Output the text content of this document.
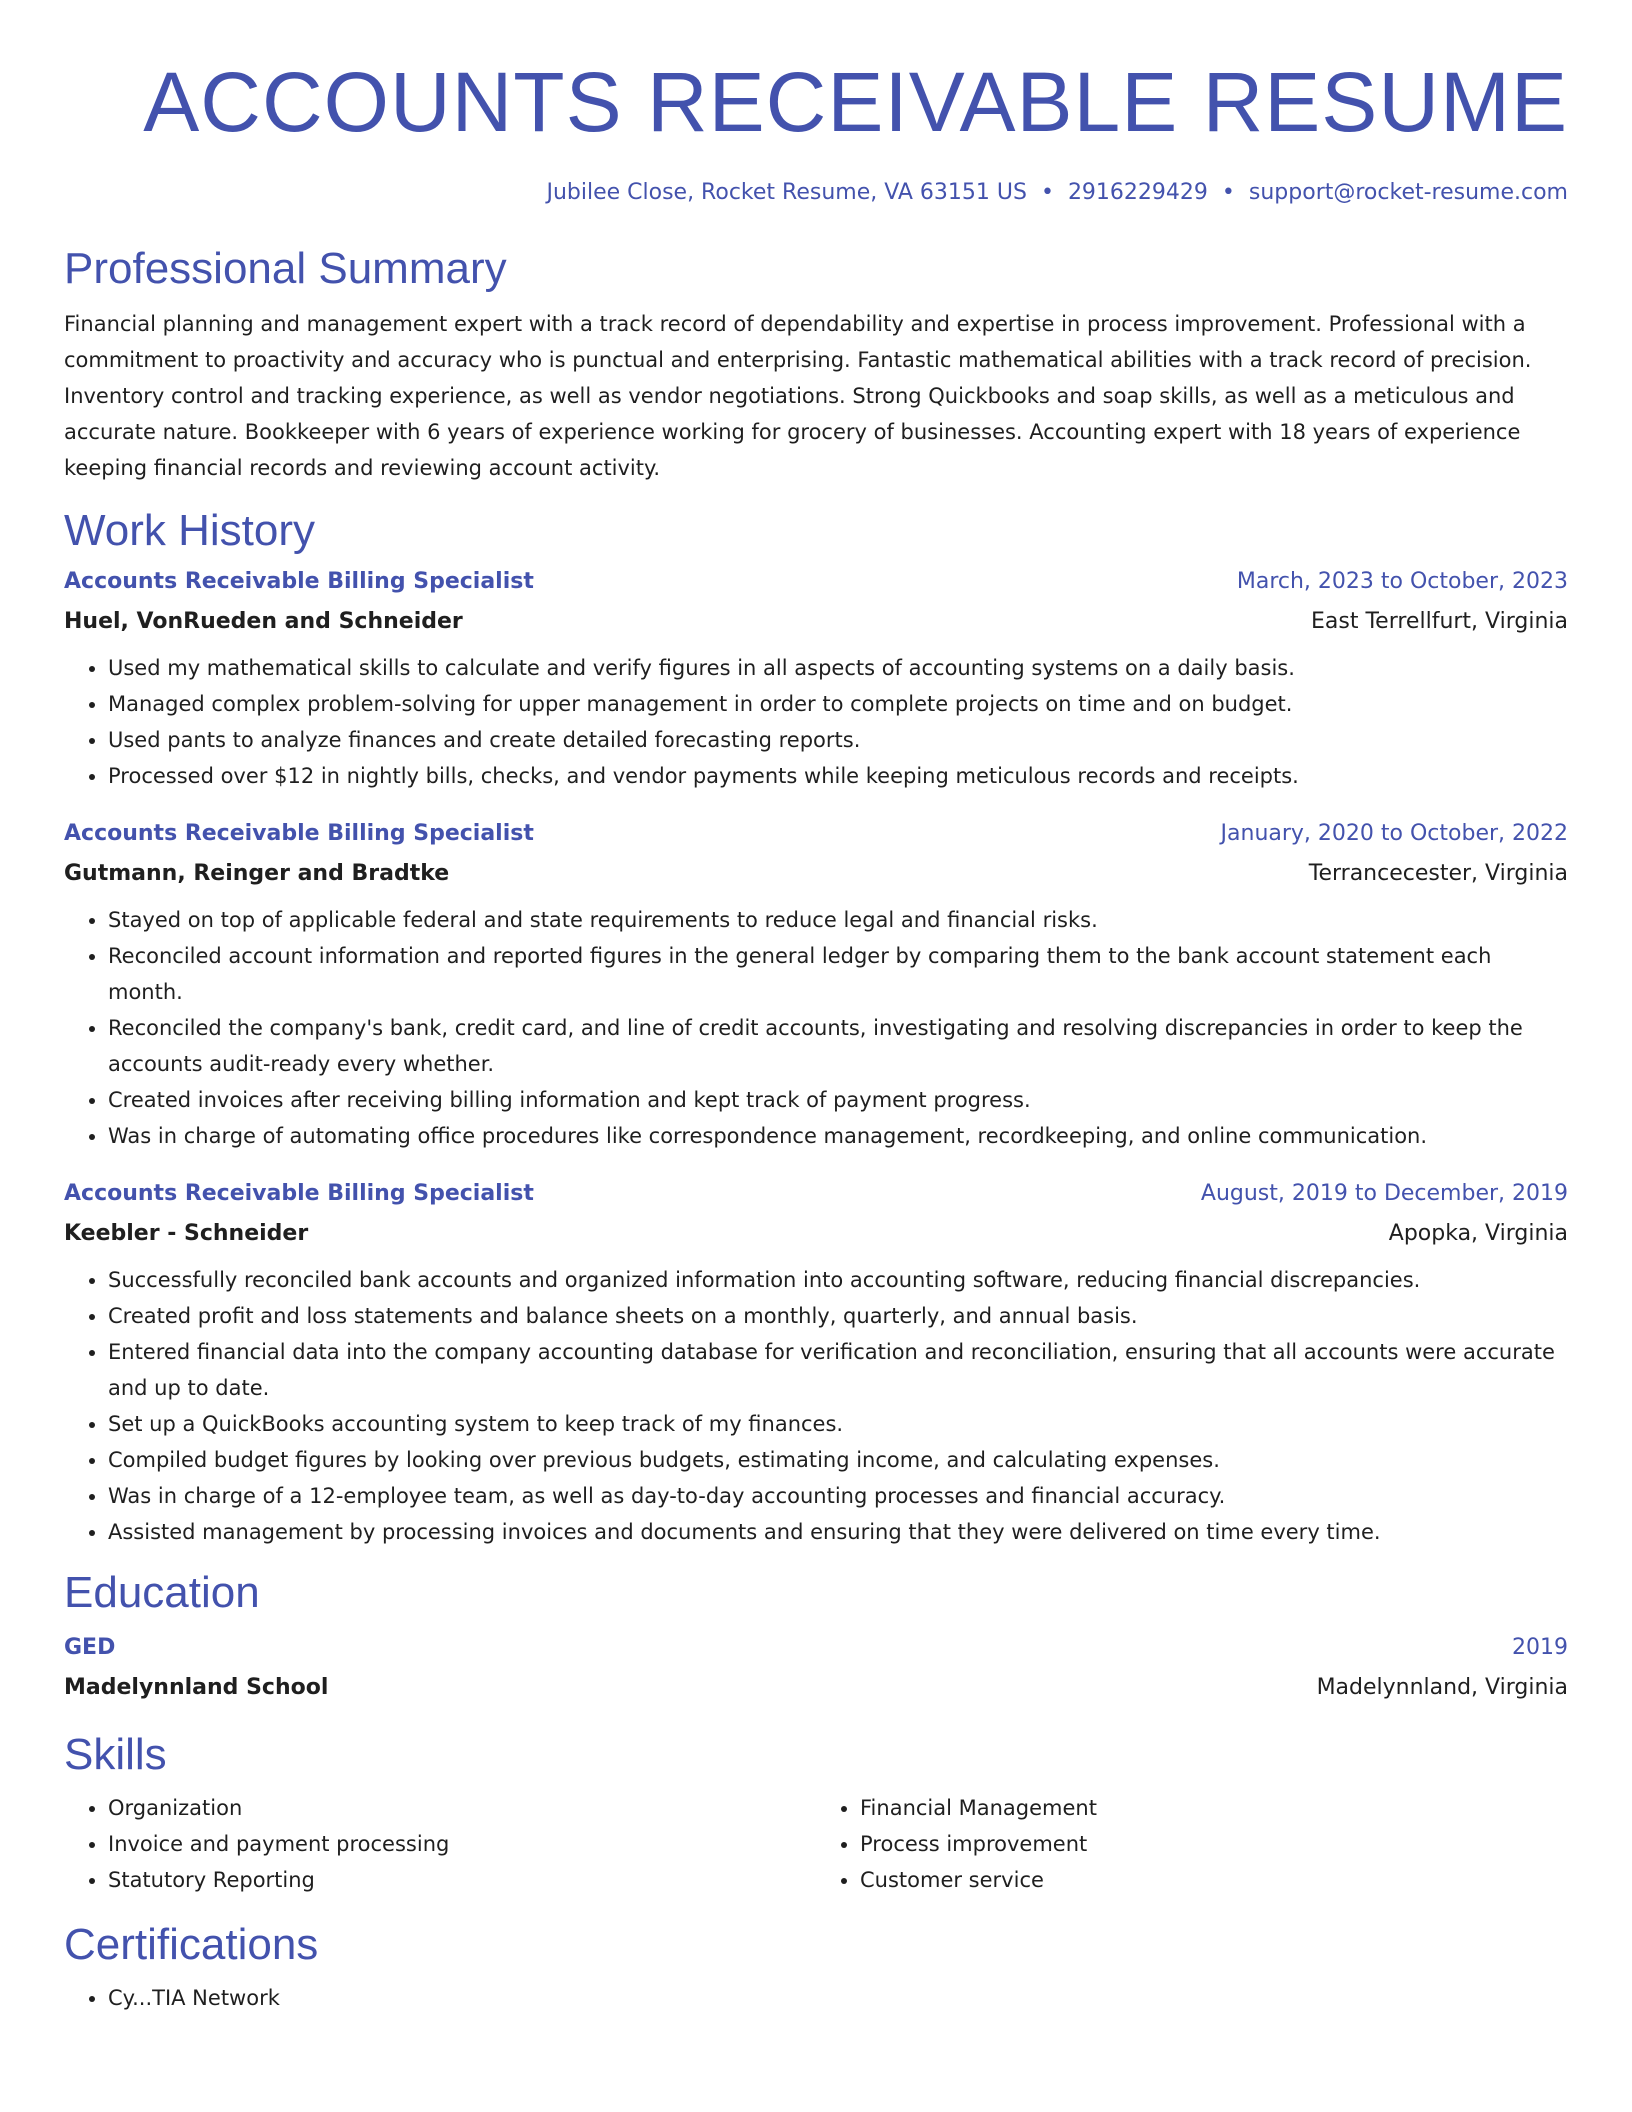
ACCOUNTS RECEIVABLE RESUME
Jubilee Close, Rocket Resume, VA 63151 US • 2916229429 • support@rocket-resume.com
Professional Summary

Financial planning and management expert with a track record of dependability and expertise in process improvement. Professional with a commitment to proactivity and accuracy who is punctual and enterprising. Fantastic mathematical abilities with a track record of precision. Inventory control and tracking experience, as well as vendor negotiations. Strong Quickbooks and soap skills, as well as a meticulous and accurate nature. Bookkeeper with 6 years of experience working for grocery of businesses. Accounting expert with 18 years of experience keeping financial records and reviewing account activity.

Work History
Accounts Receivable Billing Specialist	March, 2023 to October, 2023
Huel, VonRueden and Schneider	East Terrellfurt, Virginia
• Used my mathematical skills to calculate and verify figures in all aspects of accounting systems on a daily basis.
• Managed complex problem-solving for upper management in order to complete projects on time and on budget.
• Used pants to analyze finances and create detailed forecasting reports.
• Processed over $12 in nightly bills, checks, and vendor payments while keeping meticulous records and receipts.
Accounts Receivable Billing Specialist	January, 2020 to October, 2022
Gutmann, Reinger and Bradtke	Terrancecester, Virginia
• Stayed on top of applicable federal and state requirements to reduce legal and financial risks.
• Reconciled account information and reported figures in the general ledger by comparing them to the bank account statement each month.
• Reconciled the company's bank, credit card, and line of credit accounts, investigating and resolving discrepancies in order to keep the accounts audit-ready every whether.
• Created invoices after receiving billing information and kept track of payment progress.
• Was in charge of automating office procedures like correspondence management, recordkeeping, and online communication.
Accounts Receivable Billing Specialist	August, 2019 to December, 2019
Keebler - Schneider	Apopka, Virginia
• Successfully reconciled bank accounts and organized information into accounting software, reducing financial discrepancies.
• Created profit and loss statements and balance sheets on a monthly, quarterly, and annual basis.
• Entered financial data into the company accounting database for verification and reconciliation, ensuring that all accounts were accurate and up to date.
• Set up a QuickBooks accounting system to keep track of my finances.
• Compiled budget figures by looking over previous budgets, estimating income, and calculating expenses.
• Was in charge of a 12-employee team, as well as day-to-day accounting processes and financial accuracy.
• Assisted management by processing invoices and documents and ensuring that they were delivered on time every time.
Education
GED	2019
Madelynnland School	Madelynnland, Virginia
Skills
• Organization
• Invoice and payment processing
• Statutory Reporting
• Financial Management
• Process improvement
• Customer service
Certifications
• Cy...TIA Network
